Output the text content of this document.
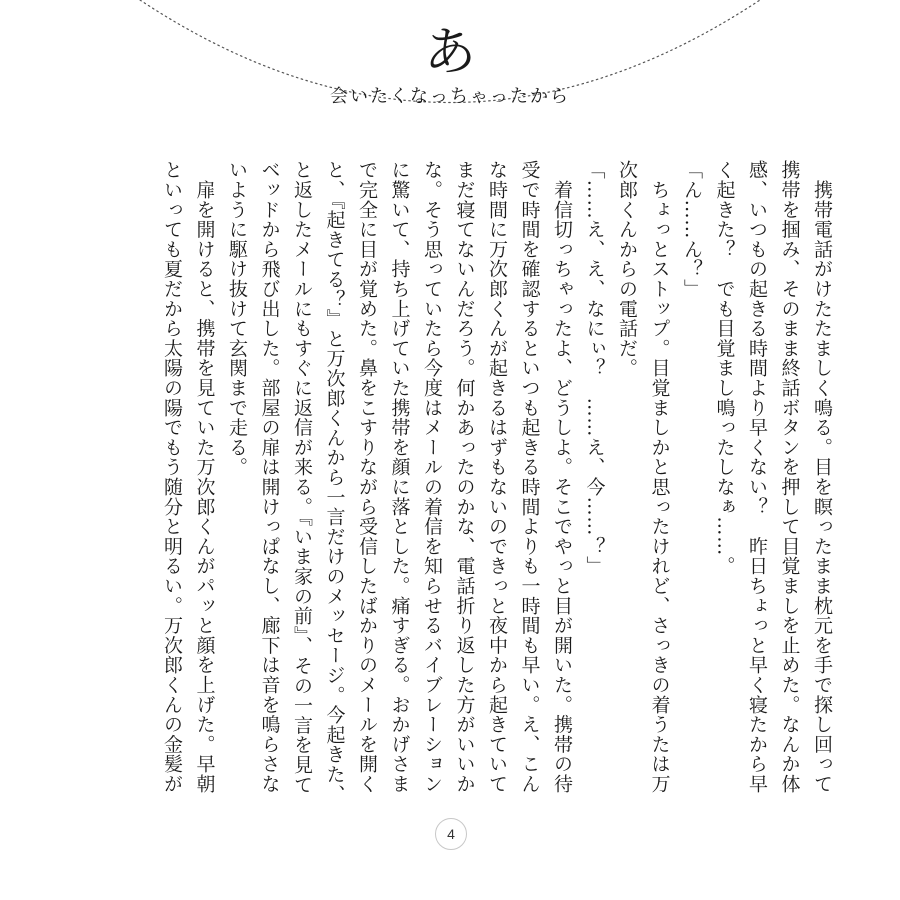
あ
会いたくなっちゃったから

　携帯電話がけたたましく鳴る。目を瞑ったまま枕元を手で探し回って携帯を掴み、そのまま終話ボタンを押して目覚ましを止めた。なんか体感、いつもの起きる時間より早くない？　昨日ちょっと早く寝たから早く起きた？　でも目覚まし鳴ったしなぁ……。

「ん……ん？」

　ちょっとストップ。目覚ましかと思ったけれど、さっきの着うたは万次郎くんからの電話だ。

「……え、え、なにぃ？　……え、今……？」

　着信切っちゃったよ、どうしよ。そこでやっと目が開いた。携帯の待受で時間を確認するといつも起きる時間よりも一時間も早い。え、こんな時間に万次郎くんが起きるはずもないのできっと夜中から起きていてまだ寝てないんだろう。何かあったのかな、電話折り返した方がいいかな。そう思っていたら今度はメールの着信を知らせるバイブレーションに驚いて、持ち上げていた携帯を顔に落とした。痛すぎる。おかげさまで完全に目が覚めた。鼻をこすりながら受信したばかりのメールを開くと、『起きてる？』と万次郎くんから一言だけのメッセージ。今起きた、と返したメールにもすぐに返信が来る。『いま家の前』、その一言を見てベッドから飛び出した。部屋の扉は開けっぱなし、廊下は音を鳴らさないように駆け抜けて玄関まで走る。

　扉を開けると、携帯を見ていた万次郎くんがパッと顔を上げた。早朝といっても夏だから太陽の陽でもう随分と明るい。万次郎くんの金髪が

4
